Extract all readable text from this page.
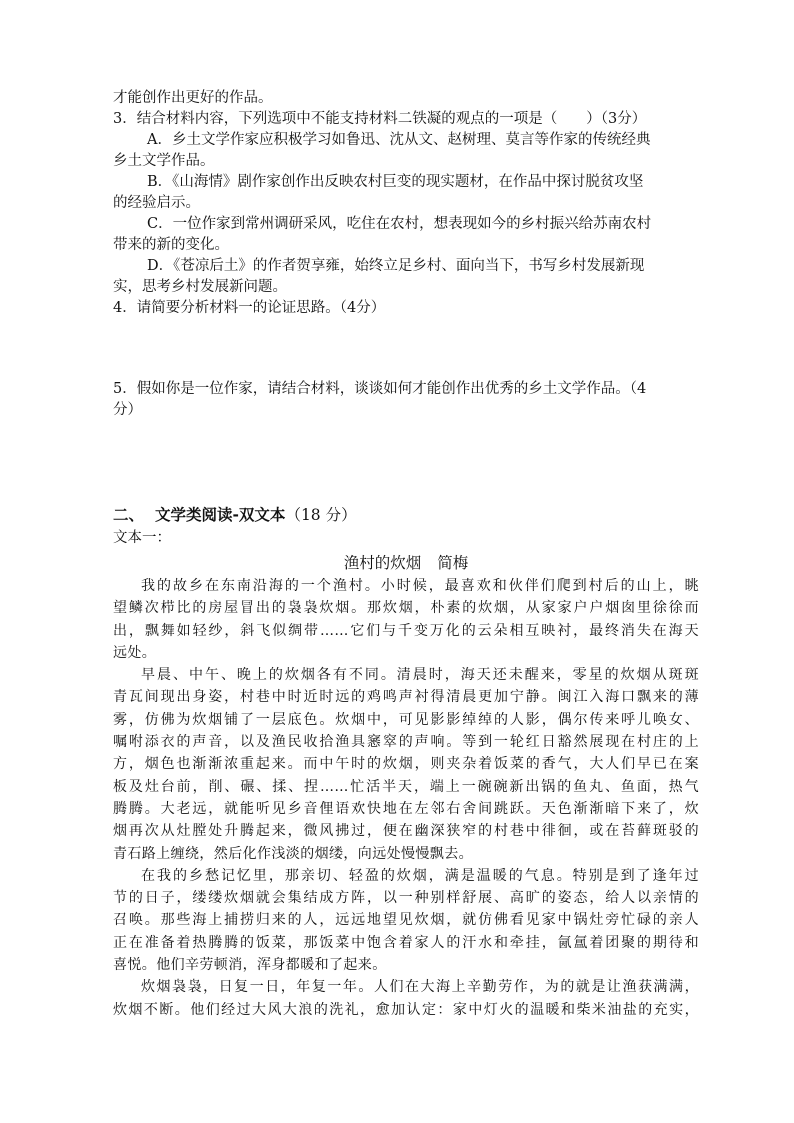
才能创作出更好的作品。
3．结合材料内容，下列选项中不能支持材料二铁凝的观点的一项是（　　）（3分）
A．乡土文学作家应积极学习如鲁迅、沈从文、赵树理、莫言等作家的传统经典
乡土文学作品。
B．《山海情》剧作家创作出反映农村巨变的现实题材，在作品中探讨脱贫攻坚
的经验启示。
C．一位作家到常州调研采风，吃住在农村，想表现如今的乡村振兴给苏南农村
带来的新的变化。
D．《苍凉后土》的作者贺享雍，始终立足乡村、面向当下，书写乡村发展新现
实，思考乡村发展新问题。
4．请简要分析材料一的论证思路。（4分）
5．假如你是一位作家，请结合材料，谈谈如何才能创作出优秀的乡土文学作品。（4
分）
二、 文学类阅读-双文本（18 分）
文本一：
渔村的炊烟 简梅
我的故乡在东南沿海的一个渔村。小时候，最喜欢和伙伴们爬到村后的山上，眺
望鳞次栉比的房屋冒出的袅袅炊烟。那炊烟，朴素的炊烟，从家家户户烟囱里徐徐而
出，飘舞如轻纱，斜飞似绸带……它们与千变万化的云朵相互映衬，最终消失在海天
远处。
早晨、中午、晚上的炊烟各有不同。清晨时，海天还未醒来，零星的炊烟从斑斑
青瓦间现出身姿，村巷中时近时远的鸡鸣声衬得清晨更加宁静。闽江入海口飘来的薄
雾，仿佛为炊烟铺了一层底色。炊烟中，可见影影绰绰的人影，偶尔传来呼儿唤女、
嘱咐添衣的声音，以及渔民收拾渔具窸窣的声响。等到一轮红日豁然展现在村庄的上
方，烟色也渐渐浓重起来。而中午时的炊烟，则夹杂着饭菜的香气，大人们早已在案
板及灶台前，削、碾、揉、捏……忙活半天，端上一碗碗新出锅的鱼丸、鱼面，热气
腾腾。大老远，就能听见乡音俚语欢快地在左邻右舍间跳跃。天色渐渐暗下来了，炊
烟再次从灶膛处升腾起来，微风拂过，便在幽深狭窄的村巷中徘徊，或在苔藓斑驳的
青石路上缠绕，然后化作浅淡的烟缕，向远处慢慢飘去。
在我的乡愁记忆里，那亲切、轻盈的炊烟，满是温暖的气息。特别是到了逢年过
节的日子，缕缕炊烟就会集结成方阵，以一种别样舒展、高旷的姿态，给人以亲情的
召唤。那些海上捕捞归来的人，远远地望见炊烟，就仿佛看见家中锅灶旁忙碌的亲人
正在准备着热腾腾的饭菜，那饭菜中饱含着家人的汗水和牵挂，氤氲着团聚的期待和
喜悦。他们辛劳顿消，浑身都暖和了起来。
炊烟袅袅，日复一日，年复一年。人们在大海上辛勤劳作，为的就是让渔获满满，
炊烟不断。他们经过大风大浪的洗礼，愈加认定：家中灯火的温暖和柴米油盐的充实，
